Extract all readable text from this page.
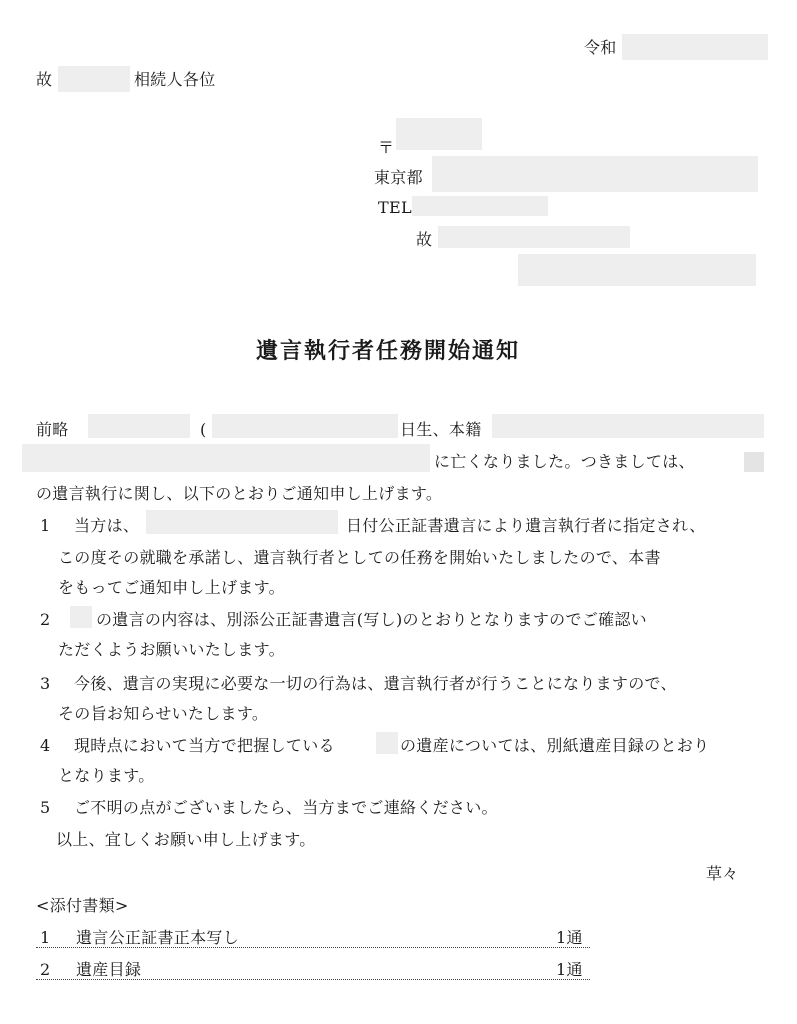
令和
故	相続人各位
〒
東京都
TEL
故
遺言執行者任務開始通知
前略	(	日生、本籍
に亡くなりました。つきましては、
の遺言執行に関し、以下のとおりご通知申し上げます。
1 当方は、	日付公正証書遺言により遺言執行者に指定され、
この度その就職を承諾し、遺言執行者としての任務を開始いたしましたので、本書
をもってご通知申し上げます。
2	の遺言の内容は、別添公正証書遺言(写し)のとおりとなりますのでご確認い
ただくようお願いいたします。
3 今後、遺言の実現に必要な一切の行為は、遺言執行者が行うことになりますので、
その旨お知らせいたします。
4 現時点において当方で把握している	の遺産については、別紙遺産目録のとおり
となります。
5 ご不明の点がございましたら、当方までご連絡ください。
以上、宜しくお願い申し上げます。
草々
<添付書類>
1 遺言公正証書正本写し	1通
2 遺産目録	1通
